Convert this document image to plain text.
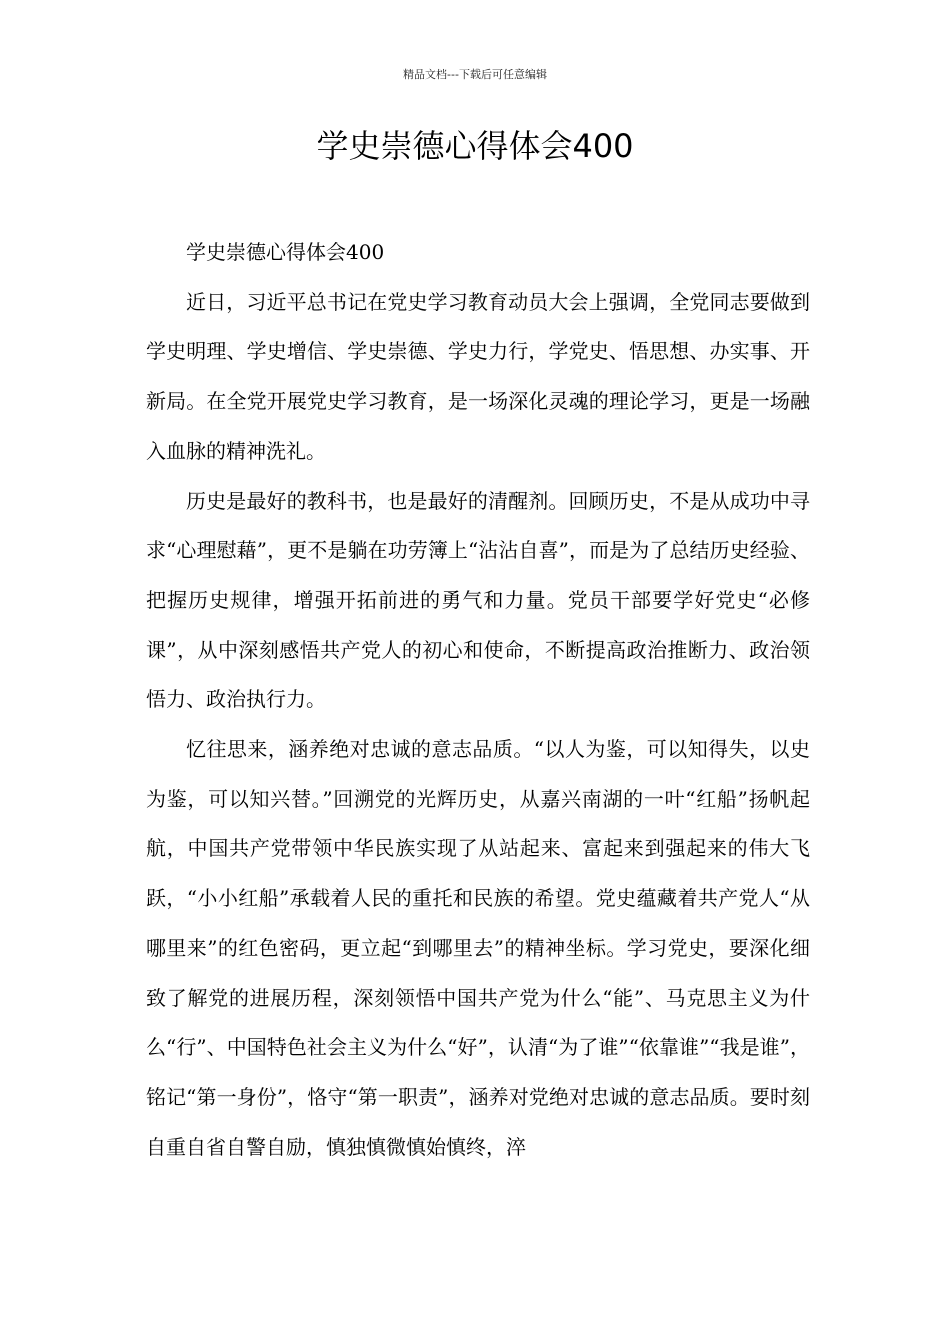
精品文档---下载后可任意编辑
学史崇德心得体会400

学史崇德心得体会400

近日，习近平总书记在党史学习教育动员大会上强调，全党同志要做到学史明理、学史增信、学史崇德、学史力行，学党史、悟思想、办实事、开新局。在全党开展党史学习教育，是一场深化灵魂的理论学习，更是一场融入血脉的精神洗礼。

历史是最好的教科书，也是最好的清醒剂。回顾历史，不是从成功中寻求“心理慰藉”，更不是躺在功劳簿上“沾沾自喜”，而是为了总结历史经验、把握历史规律，增强开拓前进的勇气和力量。党员干部要学好党史“必修课”，从中深刻感悟共产党人的初心和使命，不断提高政治推断力、政治领悟力、政治执行力。

忆往思来，涵养绝对忠诚的意志品质。“以人为鉴，可以知得失，以史为鉴，可以知兴替。”回溯党的光辉历史，从嘉兴南湖的一叶“红船”扬帆起航，中国共产党带领中华民族实现了从站起来、富起来到强起来的伟大飞跃，“小小红船”承载着人民的重托和民族的希望。党史蕴藏着共产党人“从哪里来”的红色密码，更立起“到哪里去”的精神坐标。学习党史，要深化细致了解党的进展历程，深刻领悟中国共产党为什么“能”、马克思主义为什么“行”、中国特色社会主义为什么“好”，认清“为了谁”“依靠谁”“我是谁”，铭记“第一身份”，恪守“第一职责”，涵养对党绝对忠诚的意志品质。要时刻自重自省自警自励，慎独慎微慎始慎终，淬
